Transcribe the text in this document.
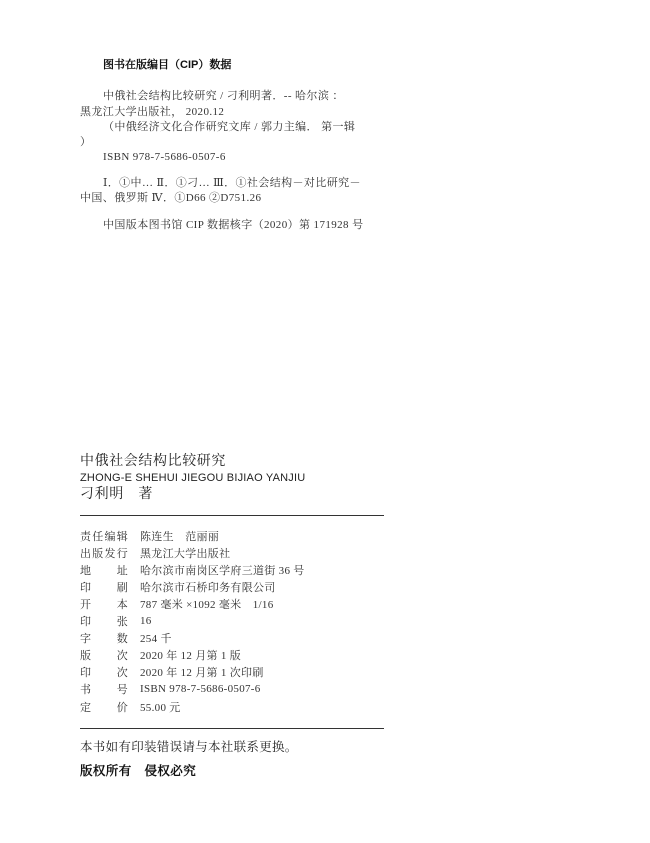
图书在版编目（CIP）数据
中俄社会结构比较研究 / 刁利明著．-- 哈尔滨 ：
黑龙江大学出版社， 2020.12
（中俄经济文化合作研究文库 / 郭力主编． 第一辑
）
ISBN 978-7-5686-0507-6
Ⅰ．①中… Ⅱ．①刁… Ⅲ．①社会结构－对比研究－
中国、俄罗斯 Ⅳ．①D66 ②D751.26
中国版本图书馆 CIP 数据核字（2020）第 171928 号
中俄社会结构比较研究
ZHONG-E SHEHUI JIEGOU BIJIAO YANJIU
刁利明　著
责任编辑 陈连生　范丽丽
出版发行 黑龙江大学出版社
地址 哈尔滨市南岗区学府三道街 36 号
印刷 哈尔滨市石桥印务有限公司
开本 787 毫米 ×1092 毫米　1/16
印张 16
字数 254 千
版次 2020 年 12 月第 1 版
印次 2020 年 12 月第 1 次印刷
书号 ISBN 978-7-5686-0507-6
定价 55.00 元
本书如有印装错误请与本社联系更换。
版权所有　侵权必究
